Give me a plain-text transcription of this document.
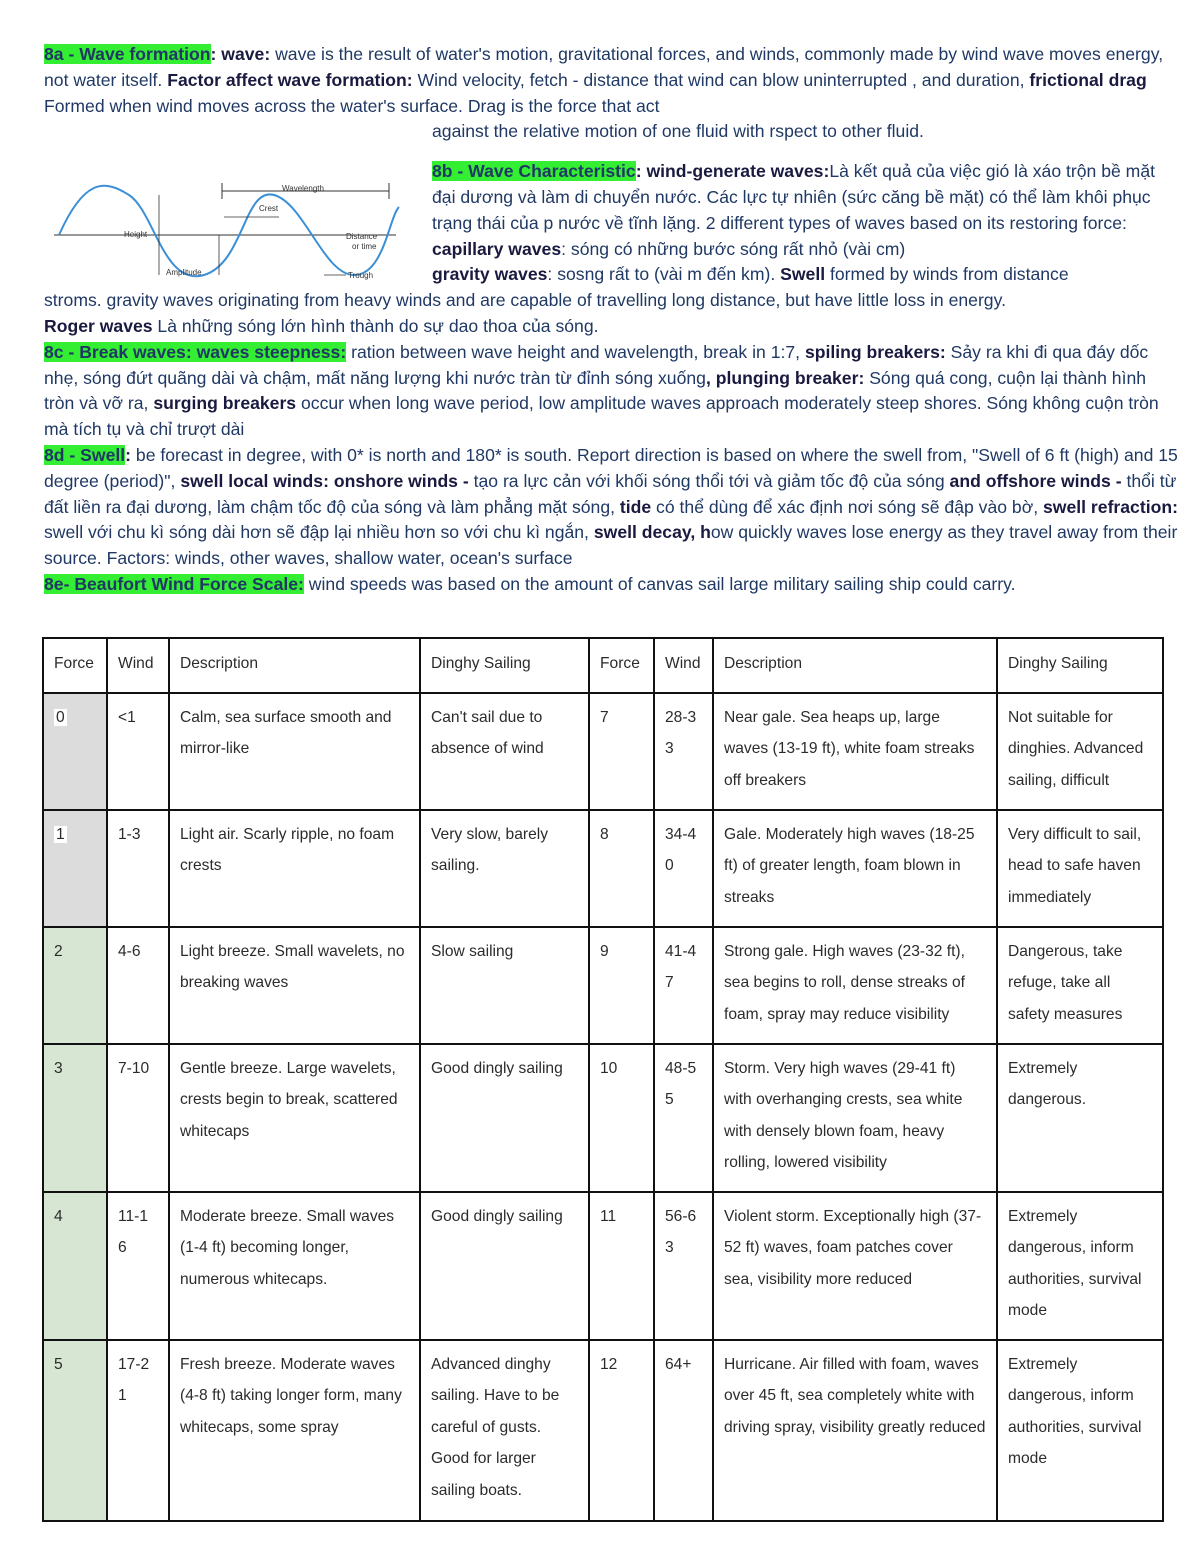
8a - Wave formation: wave: wave is the result of water's motion, gravitational forces, and winds, commonly made by wind wave moves energy, not water itself. Factor affect wave formation: Wind velocity, fetch - distance that wind can blow uninterrupted , and duration, frictional drag Formed when wind moves across the water's surface. Drag is the force that act

against the relative motion of one fluid with rspect to other fluid.

Wavelength
Crest
Height	Distance
or time
Amplitude	Trough

8b - Wave Characteristic: wind-generate waves:Là kết quả của việc gió là xáo trộn bề mặt đại dương và làm di chuyển nước. Các lực tự nhiên (sức căng bề mặt) có thể làm khôi phục trạng thái của p nước về tĩnh lặng. 2 different types of waves based on its restoring force: capillary waves: sóng có những bước sóng rất nhỏ (vài cm)
gravity waves: sosng rất to (vài m đến km). Swell formed by winds from distance

stroms. gravity waves originating from heavy winds and are capable of travelling long distance, but have little loss in energy.

Roger waves Là những sóng lớn hình thành do sự dao thoa của sóng.

8c - Break waves: waves steepness: ration between wave height and wavelength, break in 1:7, spiling breakers: Sảy ra khi đi qua đáy dốc nhẹ, sóng đứt quãng dài và chậm, mất năng lượng khi nước tràn từ đỉnh sóng xuống, plunging breaker: Sóng quá cong, cuộn lại thành hình tròn và vỡ ra, surging breakers occur when long wave period, low amplitude waves approach moderately steep shores. Sóng không cuộn tròn mà tích tụ và chỉ trượt dài

8d - Swell: be forecast in degree, with 0* is north and 180* is south. Report direction is based on where the swell from, "Swell of 6 ft (high) and 15 degree (period)", swell local winds: onshore winds - tạo ra lực cản với khối sóng thổi tới và giảm tốc độ của sóng and offshore winds - thổi từ đất liền ra đại dương, làm chậm tốc độ của sóng và làm phẳng mặt sóng, tide có thể dùng để xác định nơi sóng sẽ đập vào bờ, swell refraction: swell với chu kì sóng dài hơn sẽ đập lại nhiều hơn so với chu kì ngắn, swell decay, how quickly waves lose energy as they travel away from their source. Factors: winds, other waves, shallow water, ocean's surface

8e- Beaufort Wind Force Scale: wind speeds was based on the amount of canvas sail large military sailing ship could carry.

Force	Wind	Description	Dinghy Sailing	Force	Wind	Description	Dinghy Sailing
0	<1	Calm, sea surface smooth and mirror-like	Can't sail due to absence of wind	7	28-3 3	Near gale. Sea heaps up, large waves (13-19 ft), white foam streaks off breakers	Not suitable for dinghies. Advanced sailing, difficult
1	1-3	Light air. Scarly ripple, no foam crests	Very slow, barely sailing.	8	34-4 0	Gale. Moderately high waves (18-25 ft) of greater length, foam blown in streaks	Very difficult to sail, head to safe haven immediately
2	4-6	Light breeze. Small wavelets, no breaking waves	Slow sailing	9	41-4 7	Strong gale. High waves (23-32 ft), sea begins to roll, dense streaks of foam, spray may reduce visibility	Dangerous, take refuge, take all safety measures
3	7-10	Gentle breeze. Large wavelets, crests begin to break, scattered whitecaps	Good dingly sailing	10	48-5 5	Storm. Very high waves (29-41 ft) with overhanging crests, sea white with densely blown foam, heavy rolling, lowered visibility	Extremely dangerous.
4	11-1 6	Moderate breeze. Small waves (1-4 ft) becoming longer, numerous whitecaps.	Good dingly sailing	11	56-6 3	Violent storm. Exceptionally high (37-52 ft) waves, foam patches cover sea, visibility more reduced	Extremely dangerous, inform authorities, survival mode
5	17-2 1	Fresh breeze. Moderate waves (4-8 ft) taking longer form, many whitecaps, some spray	Advanced dinghy sailing. Have to be careful of gusts. Good for larger sailing boats.	12	64+	Hurricane. Air filled with foam, waves over 45 ft, sea completely white with driving spray, visibility greatly reduced	Extremely dangerous, inform authorities, survival mode
